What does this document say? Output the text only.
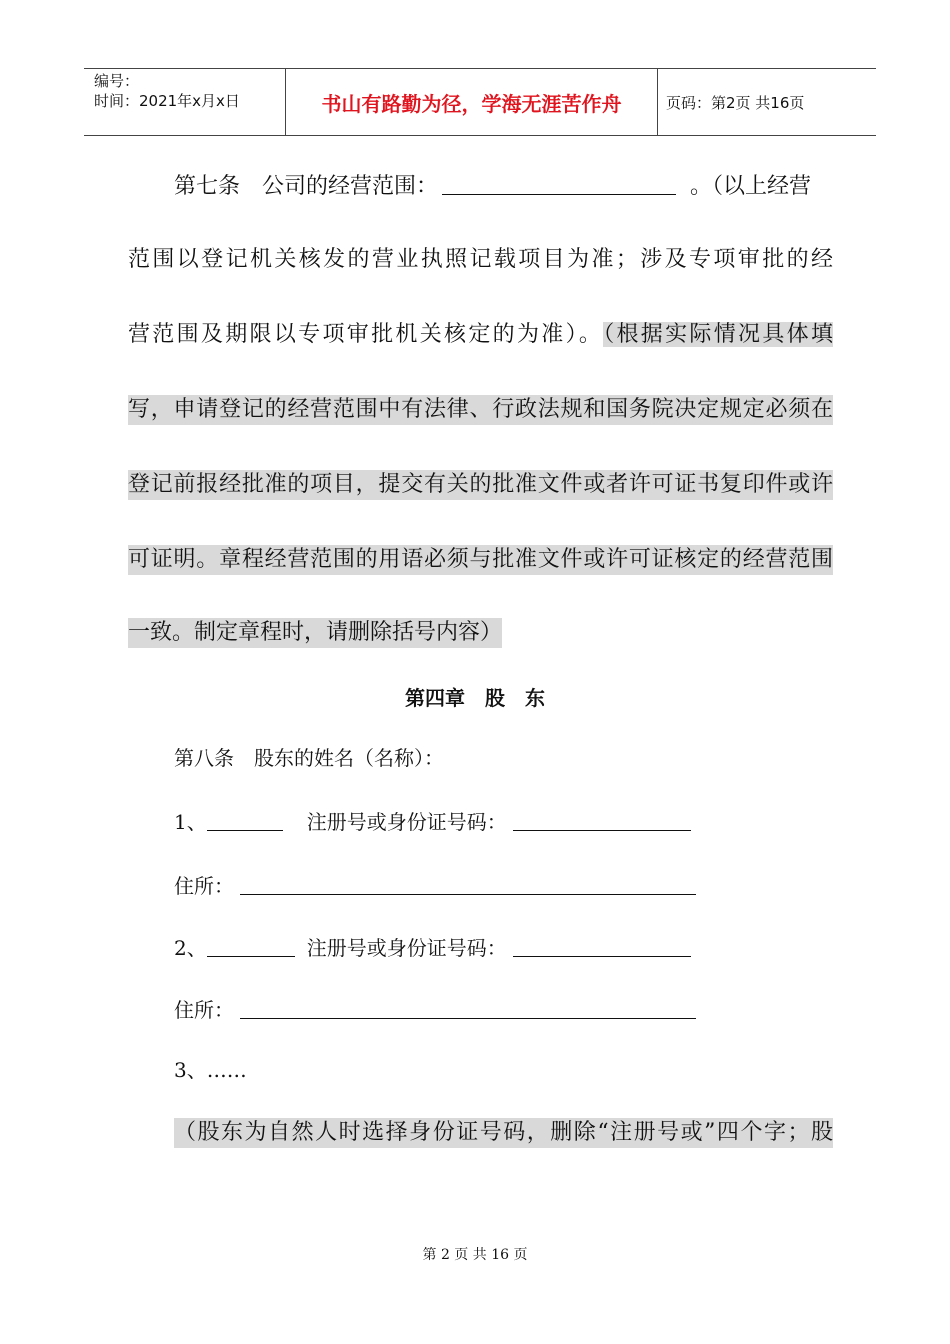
编号：
时间：2021年x月x日	书山有路勤为径，学海无涯苦作舟	页码：第2页 共16页
第七条　公司的经营范围：	。（以上经营
范围以登记机关核发的营业执照记载项目为准；涉及专项审批的经
营范围及期限以专项审批机关核定的为准）。（根据实际情况具体填
写，申请登记的经营范围中有法律、行政法规和国务院决定规定必须在
登记前报经批准的项目，提交有关的批准文件或者许可证书复印件或许
可证明。章程经营范围的用语必须与批准文件或许可证核定的经营范围
一致。制定章程时，请删除括号内容）
第四章 股 东
第八条　股东的姓名（名称）：
1、	注册号或身份证号码：
住所：
2、	注册号或身份证号码：
住所：
3、……
（股东为自然人时选择身份证号码，删除“注册号或”四个字；股
第 2 页 共 16 页
